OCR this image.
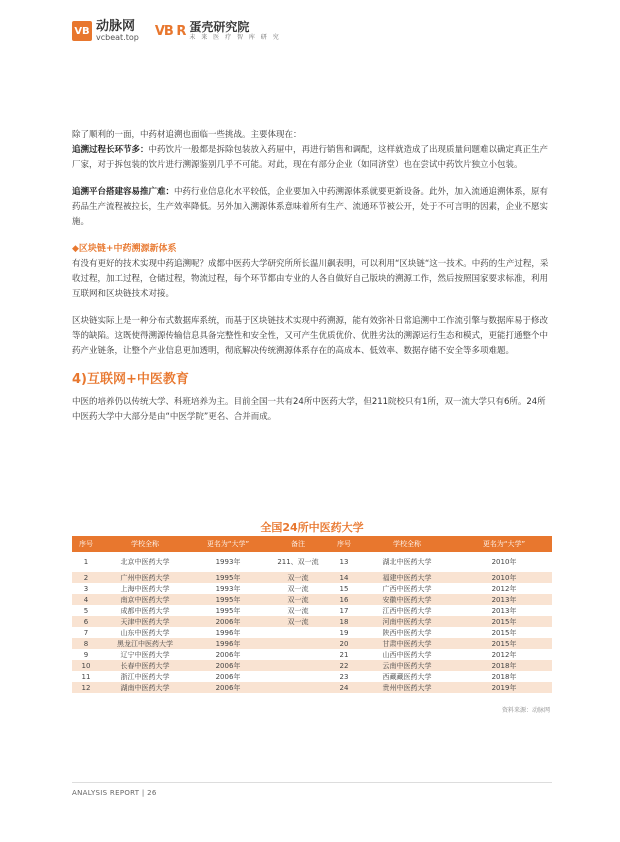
VB 动脉网
vcbeat.top VB R 蛋壳研究院
未 来 医 疗 智 库 研 究

除了顺利的一面，中药材追溯也面临一些挑战。主要体现在：

追溯过程长环节多：中药饮片一般都是拆除包装放入药屉中，再进行销售和调配，这样就造成了出现质量问题难以确定真正生产厂家，对于拆包装的饮片进行溯源鉴别几乎不可能。对此，现在有部分企业（如同济堂）也在尝试中药饮片独立小包装。

追溯平台搭建容易推广难：中药行业信息化水平较低，企业要加入中药溯源体系就要更新设备。此外，加入流通追溯体系，原有药品生产流程被拉长，生产效率降低。另外加入溯源体系意味着所有生产、流通环节被公开，处于不可言明的因素，企业不愿实施。

◆区块链+中药溯源新体系

有没有更好的技术实现中药追溯呢？成都中医药大学研究所所长温川飙表明，可以利用“区块链“这一技术。中药的生产过程，采收过程，加工过程，仓储过程，物流过程，每个环节都由专业的人各自做好自己版块的溯源工作，然后按照国家要求标准，利用互联网和区块链技术对接。

区块链实际上是一种分布式数据库系统，而基于区块链技术实现中药溯源，能有效弥补日常追溯中工作流引擎与数据库易于修改等的缺陷。这既使得溯源传输信息具备完整性和安全性，又可产生优质优价、优胜劣汰的溯源运行生态和模式，更能打通整个中药产业链条，让整个产业信息更加透明，彻底解决传统溯源体系存在的高成本、低效率、数据存储不安全等多项难题。

4)互联网+中医教育

中医的培养仍以传统大学、科班培养为主。目前全国一共有24所中医药大学，但211院校只有1所，双一流大学只有6所。24所中医药大学中大部分是由“中医学院”更名、合并而成。

全国24所中医药大学
序号	学校全称	更名为“大学”	备注	序号	学校全称	更名为“大学”
1	北京中医药大学	1993年	211、双一流	13	湖北中医药大学	2010年
2	广州中医药大学	1995年	双一流	14	福建中医药大学	2010年
3	上海中医药大学	1993年	双一流	15	广西中医药大学	2012年
4	南京中医药大学	1995年	双一流	16	安徽中医药大学	2013年
5	成都中医药大学	1995年	双一流	17	江西中医药大学	2013年
6	天津中医药大学	2006年	双一流	18	河南中医药大学	2015年
7	山东中医药大学	1996年		19	陕西中医药大学	2015年
8	黑龙江中医药大学	1996年		20	甘肃中医药大学	2015年
9	辽宁中医药大学	2006年		21	山西中医药大学	2012年
10	长春中医药大学	2006年		22	云南中医药大学	2018年
11	浙江中医药大学	2006年		23	西藏藏医药大学	2018年
12	湖南中医药大学	2006年		24	贵州中医药大学	2019年
资料来源：动脉网
ANALYSIS REPORT | 26
